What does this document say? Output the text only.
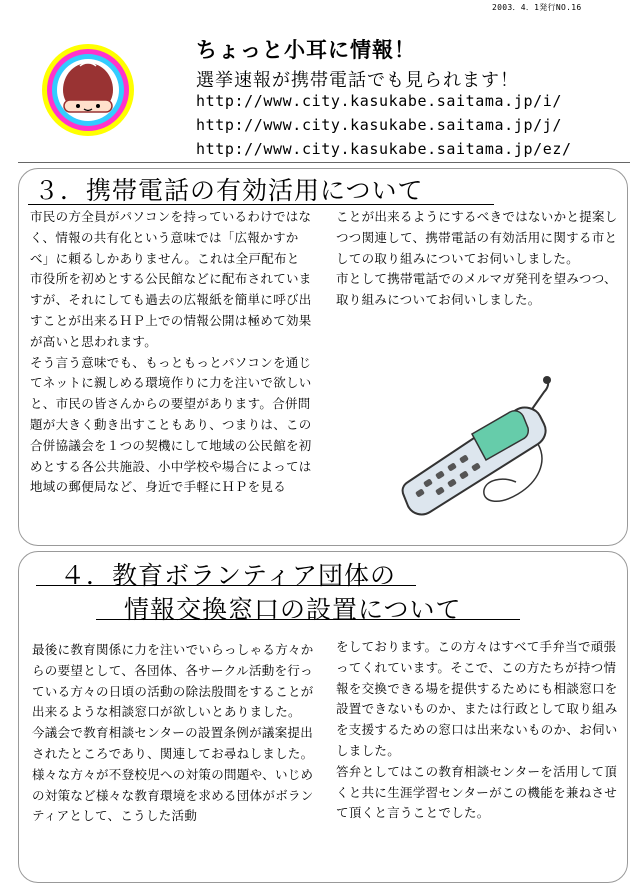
2003．4．1発行NO.16
ちょっと小耳に情報！
選挙速報が携帯電話でも見られます！
http://www.city.kasukabe.saitama.jp/i/
http://www.city.kasukabe.saitama.jp/j/
http://www.city.kasukabe.saitama.jp/ez/
３．携帯電話の有効活用について

市民の方全員がパソコンを持っているわけではなく、情報の共有化という意味では「広報かすかべ」に頼るしかありません。これは全戸配布と市役所を初めとする公民館などに配布されていますが、それにしても過去の広報紙を簡単に呼び出すことが出来るＨＰ上での情報公開は極めて効果が高いと思われます。

そう言う意味でも、もっともっとパソコンを通じてネットに親しめる環境作りに力を注いで欲しいと、市民の皆さんからの要望があります。合併問題が大きく動き出すこともあり、つまりは、この合併協議会を１つの契機にして地域の公民館を初めとする各公共施設、小中学校や場合によっては地域の郵便局など、身近で手軽にＨＰを見る

ことが出来るようにするべきではないかと提案しつつ関連して、携帯電話の有効活用に関する市としての取り組みについてお伺いしました。

市として携帯電話でのメルマガ発刊を望みつつ、取り組みについてお伺いしました。

４．教育ボランティア団体の
情報交換窓口の設置について

最後に教育関係に力を注いでいらっしゃる方々からの要望として、各団体、各サークル活動を行っている方々の日頃の活動の除法殷間をすることが出来るような相談窓口が欲しいとありました。

今議会で教育相談センターの設置条例が議案提出されたところであり、関連してお尋ねしました。

様々な方々が不登校児への対策の問題や、いじめの対策など様々な教育環境を求める団体がボランティアとして、こうした活動

をしております。この方々はすべて手弁当で頑張ってくれています。そこで、この方たちが持つ情報を交換できる場を提供するためにも相談窓口を設置できないものか、または行政として取り組みを支援するための窓口は出来ないものか、お伺いしました。

答弁としてはこの教育相談センターを活用して頂くと共に生涯学習センターがこの機能を兼ねさせて頂くと言うことでした。
